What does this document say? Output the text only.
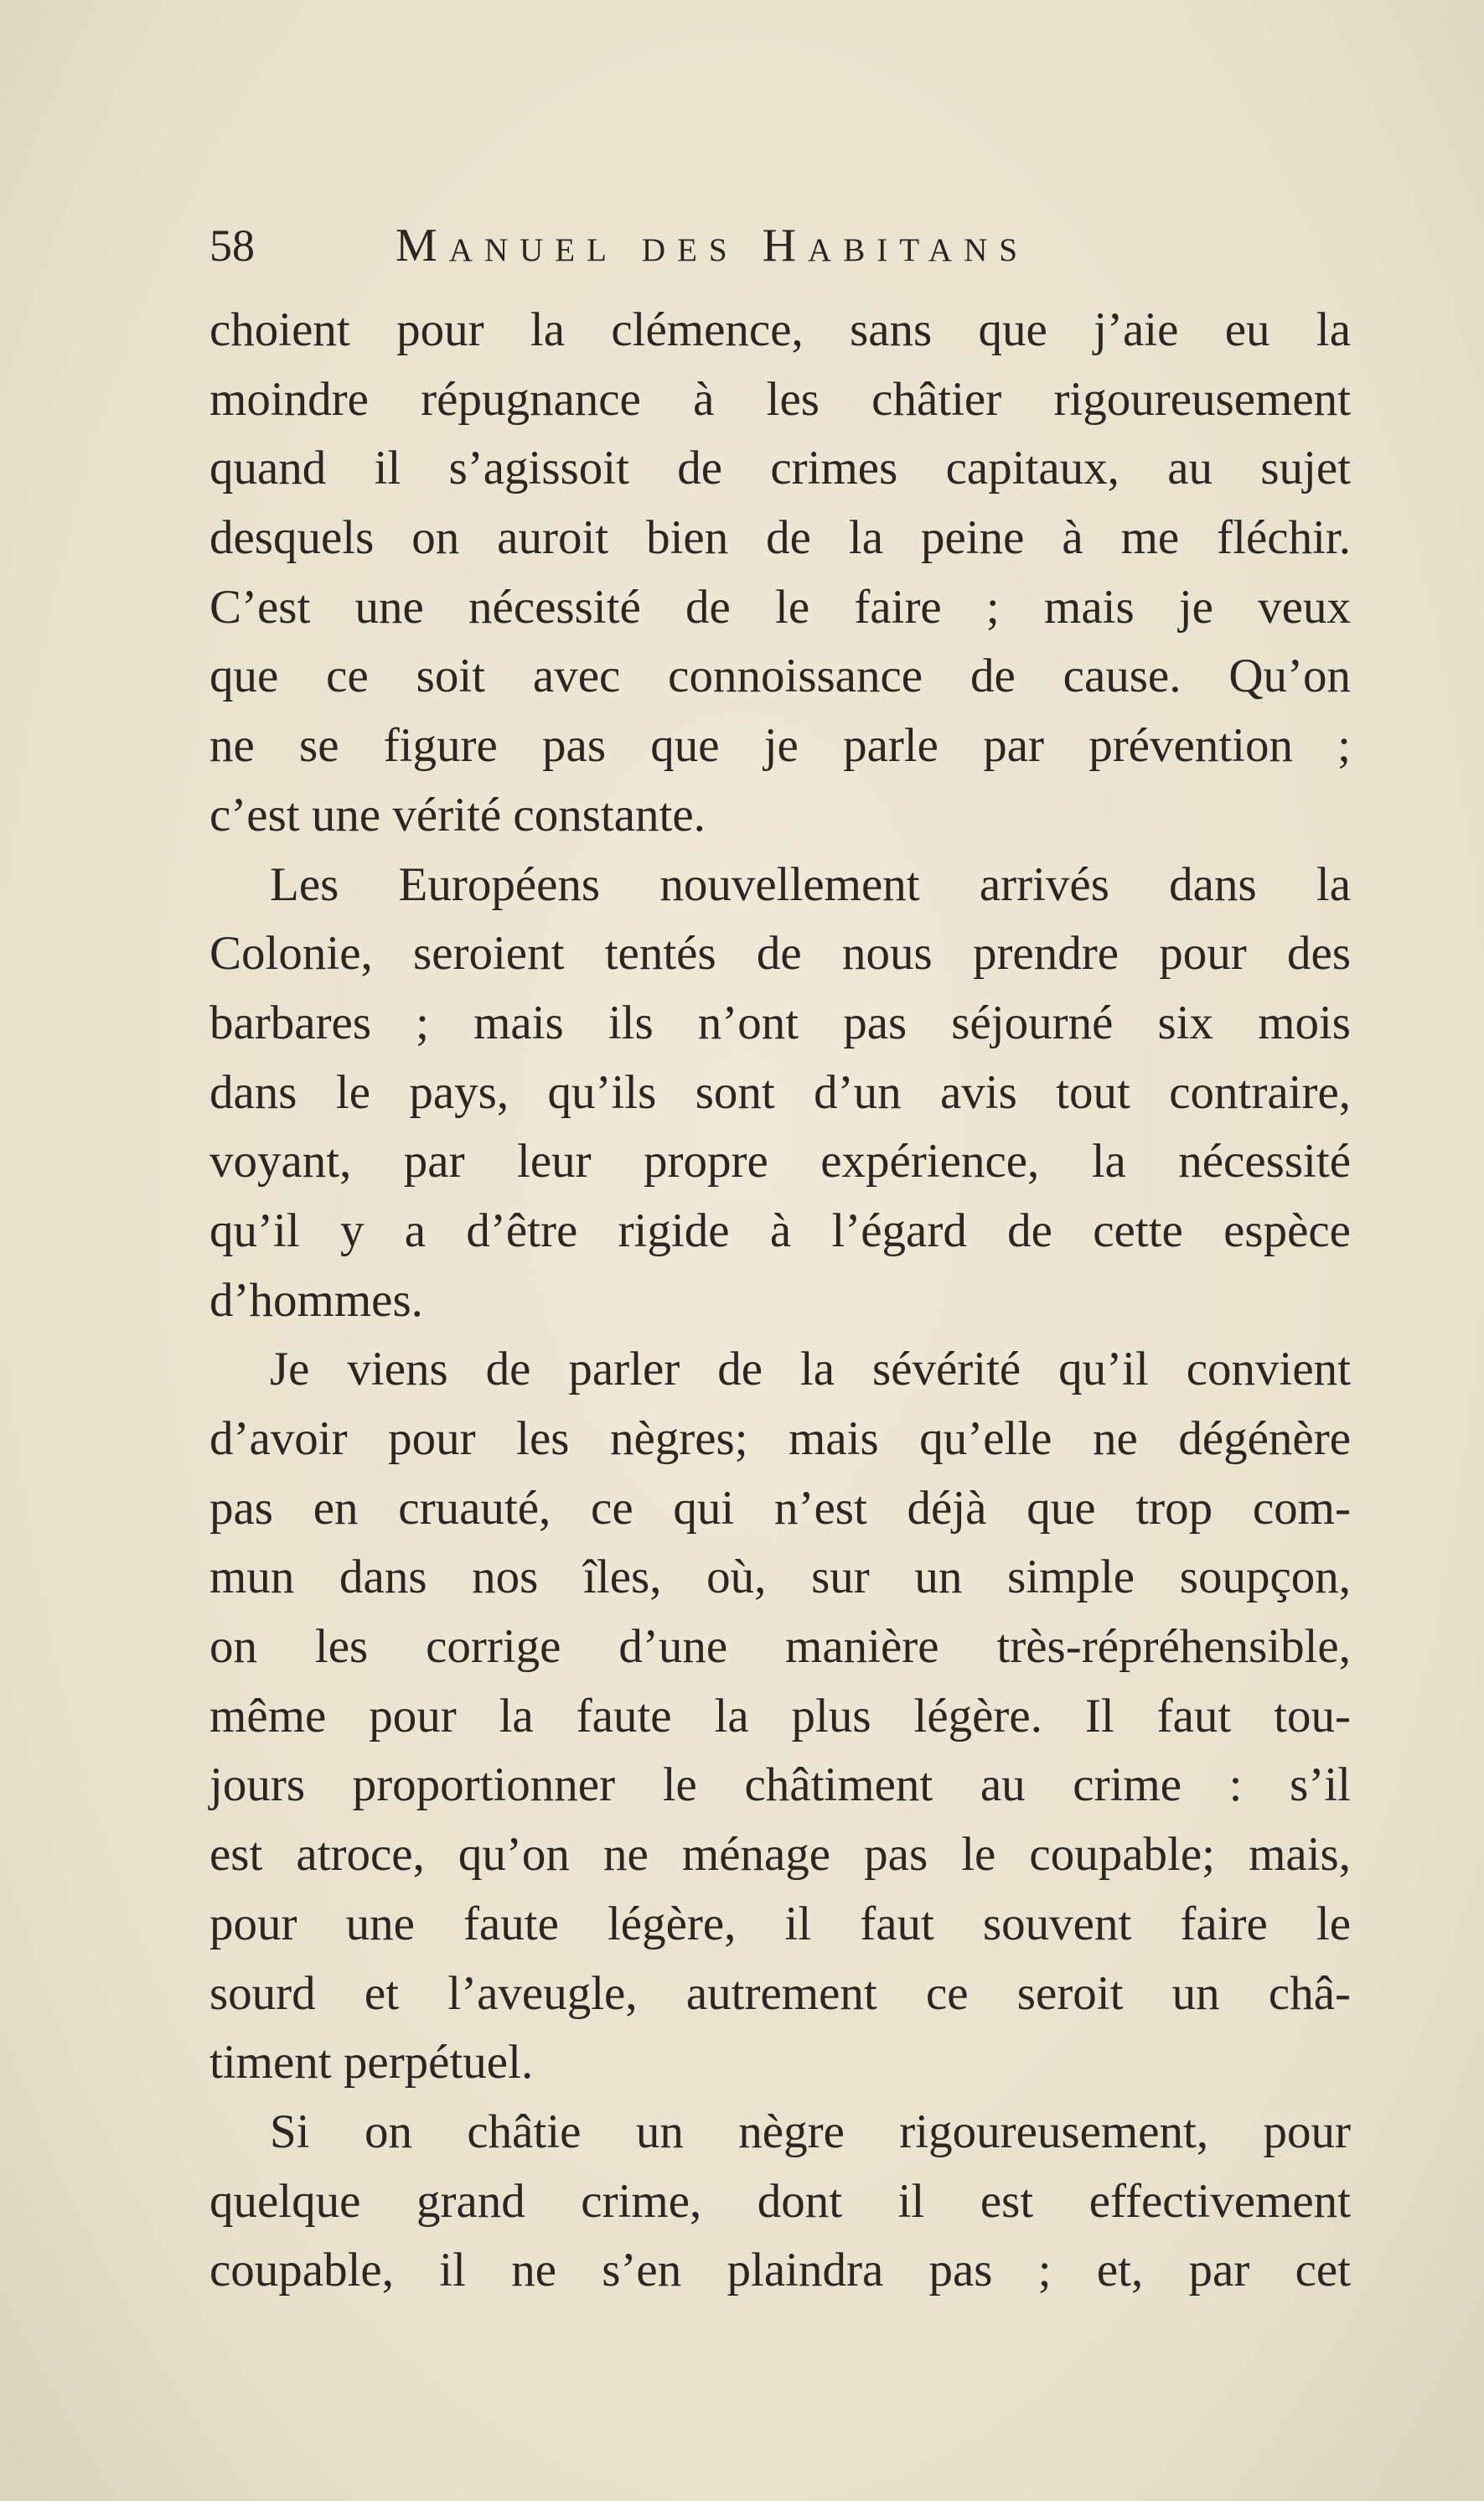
58	Manuel des Habitans
choient pour la clémence, sans que j’aie eu la
moindre répugnance à les châtier rigoureusement
quand il s’agissoit de crimes capitaux, au sujet
desquels on auroit bien de la peine à me fléchir.
C’est une nécessité de le faire ; mais je veux
que ce soit avec connoissance de cause. Qu’on
ne se figure pas que je parle par prévention ;
c’est une vérité constante.
Les Européens nouvellement arrivés dans la
Colonie, seroient tentés de nous prendre pour des
barbares ; mais ils n’ont pas séjourné six mois
dans le pays, qu’ils sont d’un avis tout contraire,
voyant, par leur propre expérience, la nécessité
qu’il y a d’être rigide à l’égard de cette espèce
d’hommes.
Je viens de parler de la sévérité qu’il convient
d’avoir pour les nègres; mais qu’elle ne dégénère
pas en cruauté, ce qui n’est déjà que trop com-
mun dans nos îles, où, sur un simple soupçon,
on les corrige d’une manière très-répréhensible,
même pour la faute la plus légère. Il faut tou-
jours proportionner le châtiment au crime : s’il
est atroce, qu’on ne ménage pas le coupable; mais,
pour une faute légère, il faut souvent faire le
sourd et l’aveugle, autrement ce seroit un châ-
timent perpétuel.
Si on châtie un nègre rigoureusement, pour
quelque grand crime, dont il est effectivement
coupable, il ne s’en plaindra pas ; et, par cet
